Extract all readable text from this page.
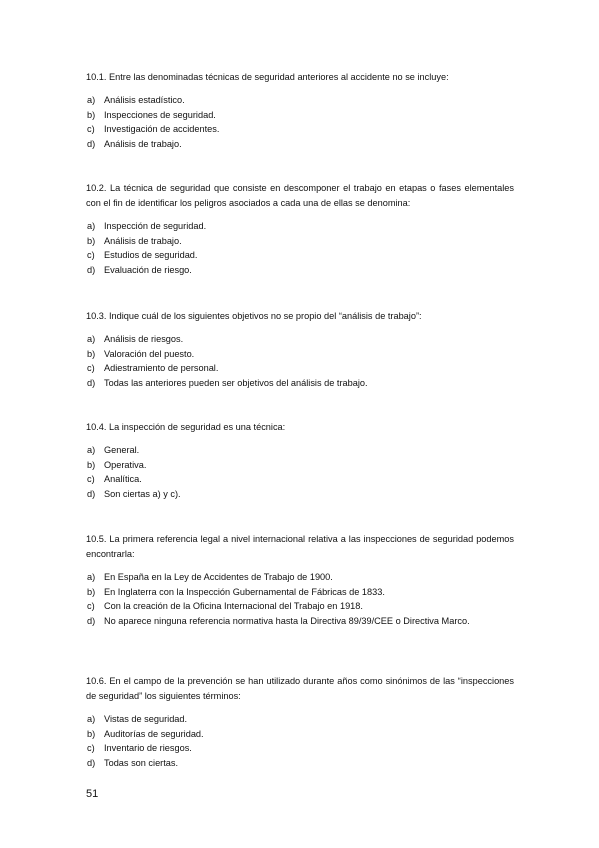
10.1. Entre las denominadas técnicas de seguridad anteriores al accidente no se incluye:

a) Análisis estadístico.
b) Inspecciones de seguridad.
c)	Investigación de accidentes.
d) Análisis de trabajo.

10.2. La técnica de seguridad que consiste en descomponer el trabajo en etapas o fases elementales con el fin de identificar los peligros asociados a cada una de ellas se denomina:

a) Inspección de seguridad.
b) Análisis de trabajo.
c)	Estudios de seguridad.
d) Evaluación de riesgo.

10.3. Indique cuál de los siguientes objetivos no se propio del “análisis de trabajo”:

a) Análisis de riesgos.
b) Valoración del puesto.
c)	Adiestramiento de personal.
d) Todas las anteriores pueden ser objetivos del análisis de trabajo.

10.4. La inspección de seguridad es una técnica:

a) General.
b) Operativa.
c)	Analítica.
d) Son ciertas a) y c).

10.5. La primera referencia legal a nivel internacional relativa a las inspecciones de seguridad podemos encontrarla:

a) En España en la Ley de Accidentes de Trabajo de 1900.
b) En Inglaterra con la Inspección Gubernamental de Fábricas de 1833.
c)	Con la creación de la Oficina Internacional del Trabajo en 1918.
d) No aparece ninguna referencia normativa hasta la Directiva 89/39/CEE o Directiva Marco.

10.6. En el campo de la prevención se han utilizado durante años como sinónimos de las “inspecciones de seguridad” los siguientes términos:

a) Vistas de seguridad.
b) Auditorías de seguridad.
c)	Inventario de riesgos.
d) Todas son ciertas.
51
